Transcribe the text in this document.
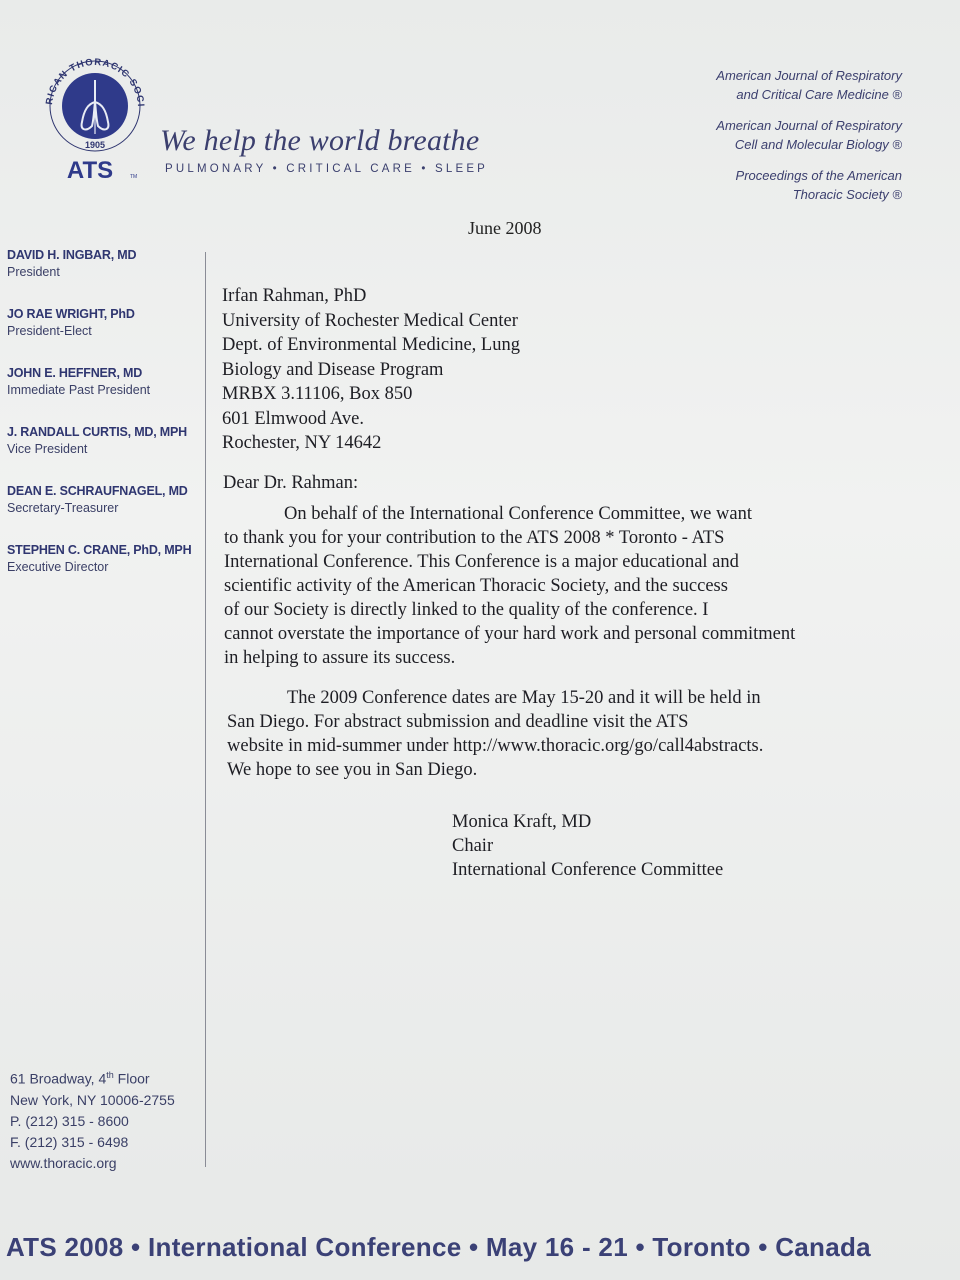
RICAN THORACIC SOCI
1905
ATS	TM
We help the world breathe
PULMONARY • CRITICAL CARE • SLEEP
American Journal of Respiratory
and Critical Care Medicine ®
American Journal of Respiratory
Cell and Molecular Biology ®
Proceedings of the American
Thoracic Society ®
June 2008
DAVID H. INGBAR, MD
President
JO RAE WRIGHT, PhD
President-Elect
JOHN E. HEFFNER, MD
Immediate Past President
J. RANDALL CURTIS, MD, MPH
Vice President
DEAN E. SCHRAUFNAGEL, MD
Secretary-Treasurer
STEPHEN C. CRANE, PhD, MPH
Executive Director
Irfan Rahman, PhD
University of Rochester Medical Center
Dept. of Environmental Medicine, Lung
Biology and Disease Program
MRBX 3.11106, Box 850
601 Elmwood Ave.
Rochester, NY 14642
Dear Dr. Rahman:
On behalf of the International Conference Committee, we want
to thank you for your contribution to the ATS 2008 * Toronto - ATS
International Conference. This Conference is a major educational and
scientific activity of the American Thoracic Society, and the success
of our Society is directly linked to the quality of the conference. I
cannot overstate the importance of your hard work and personal commitment
in helping to assure its success.
The 2009 Conference dates are May 15-20 and it will be held in
San Diego. For abstract submission and deadline visit the ATS
website in mid-summer under http://www.thoracic.org/go/call4abstracts.
We hope to see you in San Diego.
Monica Kraft, MD
Chair
International Conference Committee
61 Broadway, 4th Floor
New York, NY 10006-2755
P. (212) 315 - 8600
F. (212) 315 - 6498
www.thoracic.org
ATS 2008 • International Conference • May 16 - 21 • Toronto • Canada
